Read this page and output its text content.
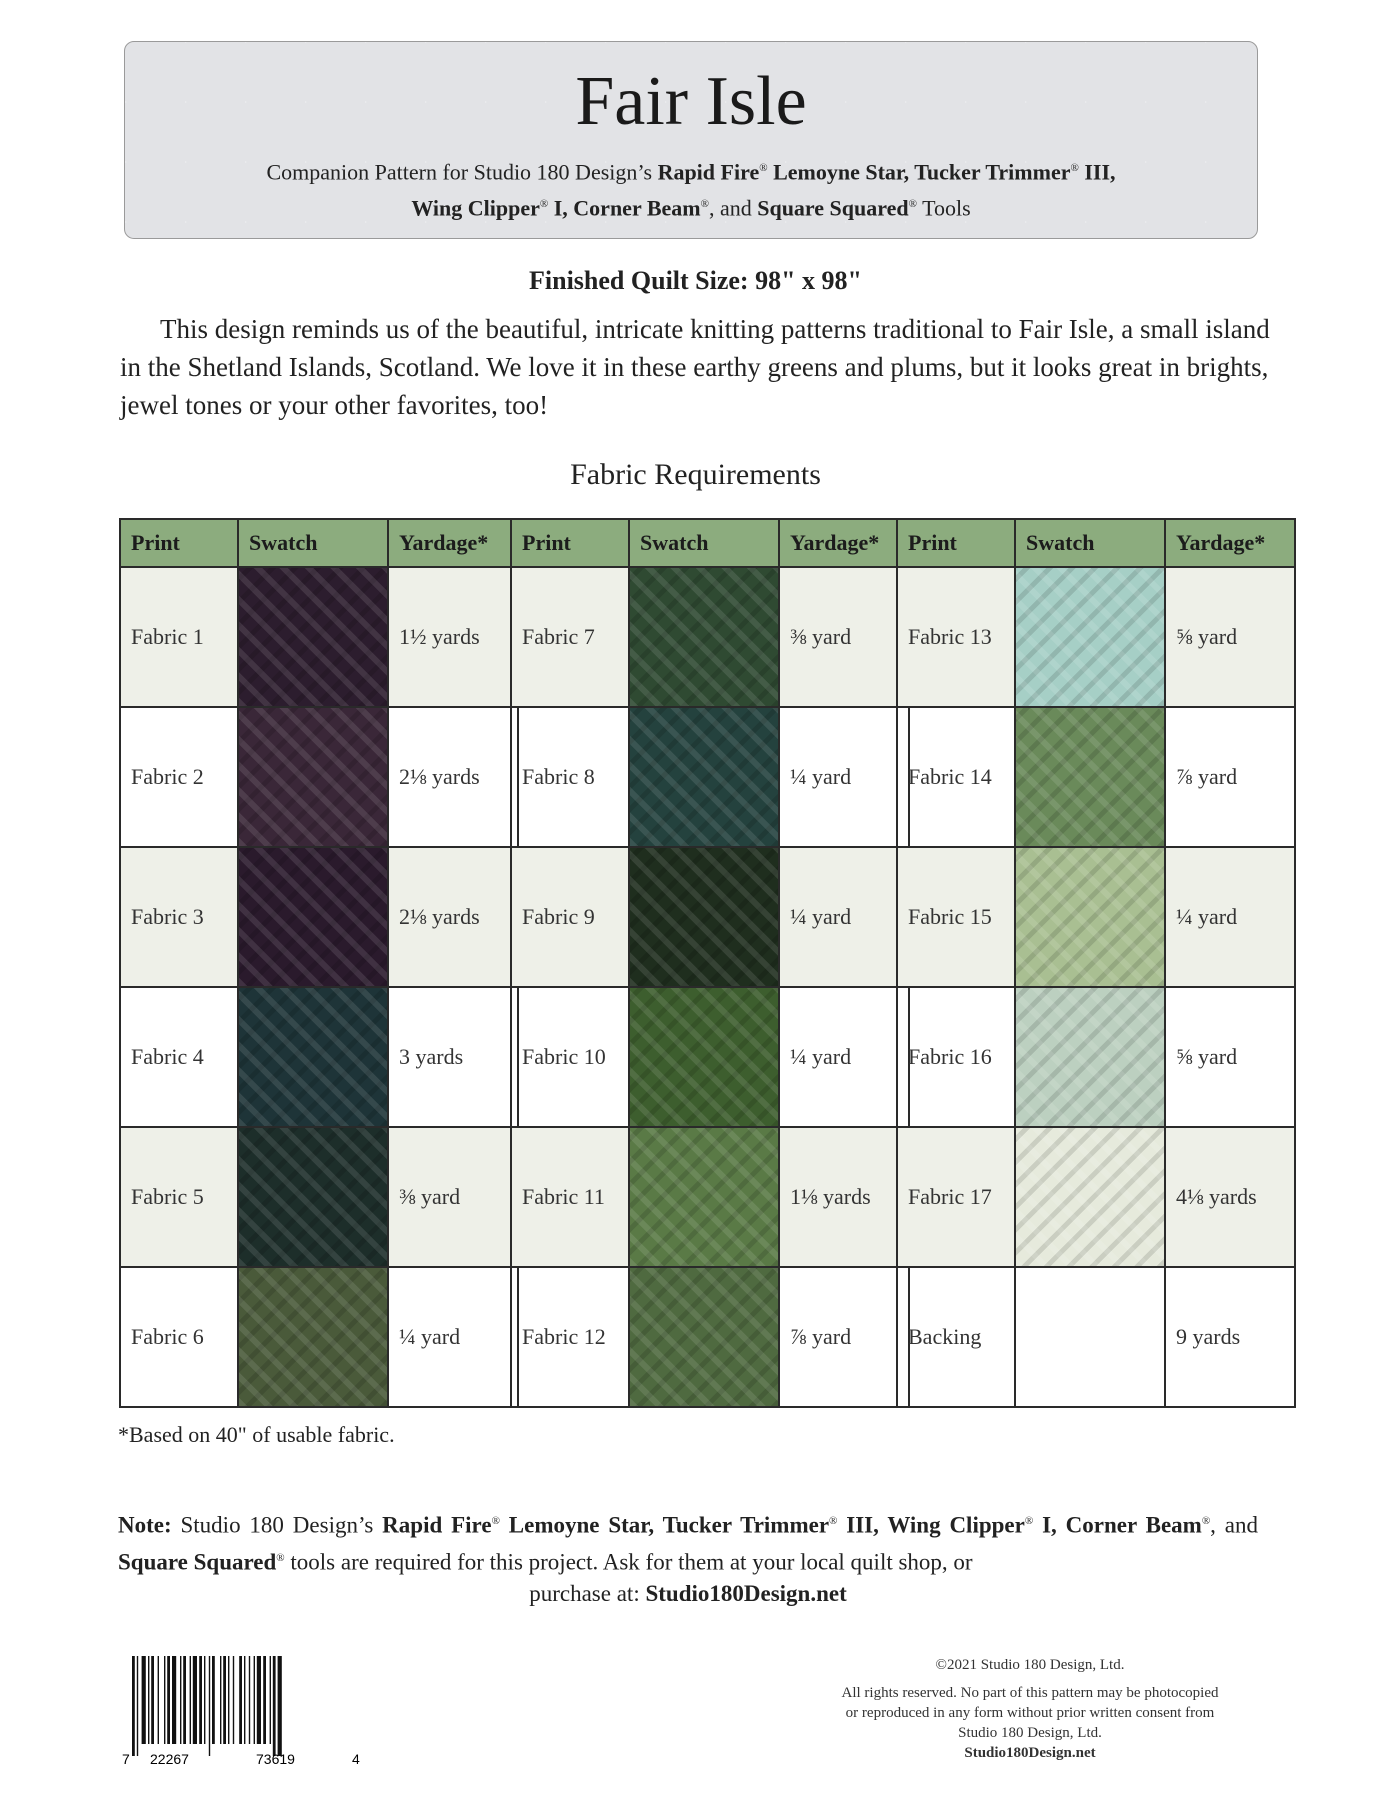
Fair Isle
Companion Pattern for Studio 180 Design’s Rapid Fire® Lemoyne Star, Tucker Trimmer® III,
Wing Clipper® I, Corner Beam®, and Square Squared® Tools
Finished Quilt Size: 98" x 98"
This design reminds us of the beautiful, intricate knitting patterns traditional to Fair Isle, a small island in the Shetland Islands, Scotland. We love it in these earthy greens and plums, but it looks great in brights, jewel tones or your other favorites, too!
Fabric Requirements
Print	Swatch	Yardage*
Fabric 1		1½ yards
Fabric 2		2⅛ yards
Fabric 3		2⅛ yards
Fabric 4		3 yards
Fabric 5		⅜ yard
Fabric 6		¼ yard
Print	Swatch	Yardage*
Fabric 7		⅜ yard
Fabric 8		¼ yard
Fabric 9		¼ yard
Fabric 10		¼ yard
Fabric 11		1⅛ yards
Fabric 12		⅞ yard
Print	Swatch	Yardage*
Fabric 13		⅝ yard
Fabric 14		⅞ yard
Fabric 15		¼ yard
Fabric 16		⅝ yard
Fabric 17		4⅛ yards
Backing		9 yards
*Based on 40" of usable fabric.
Note: Studio 180 Design’s Rapid Fire® Lemoyne Star, Tucker Trimmer® III, Wing Clipper® I, Corner Beam®, and Square Squared® tools are required for this project. Ask for them at your local quilt shop, or
purchase at: Studio180Design.net
7 22267	73619	4
©2021 Studio 180 Design, Ltd.
All rights reserved. No part of this pattern may be photocopied
or reproduced in any form without prior written consent from
Studio 180 Design, Ltd.
Studio180Design.net
